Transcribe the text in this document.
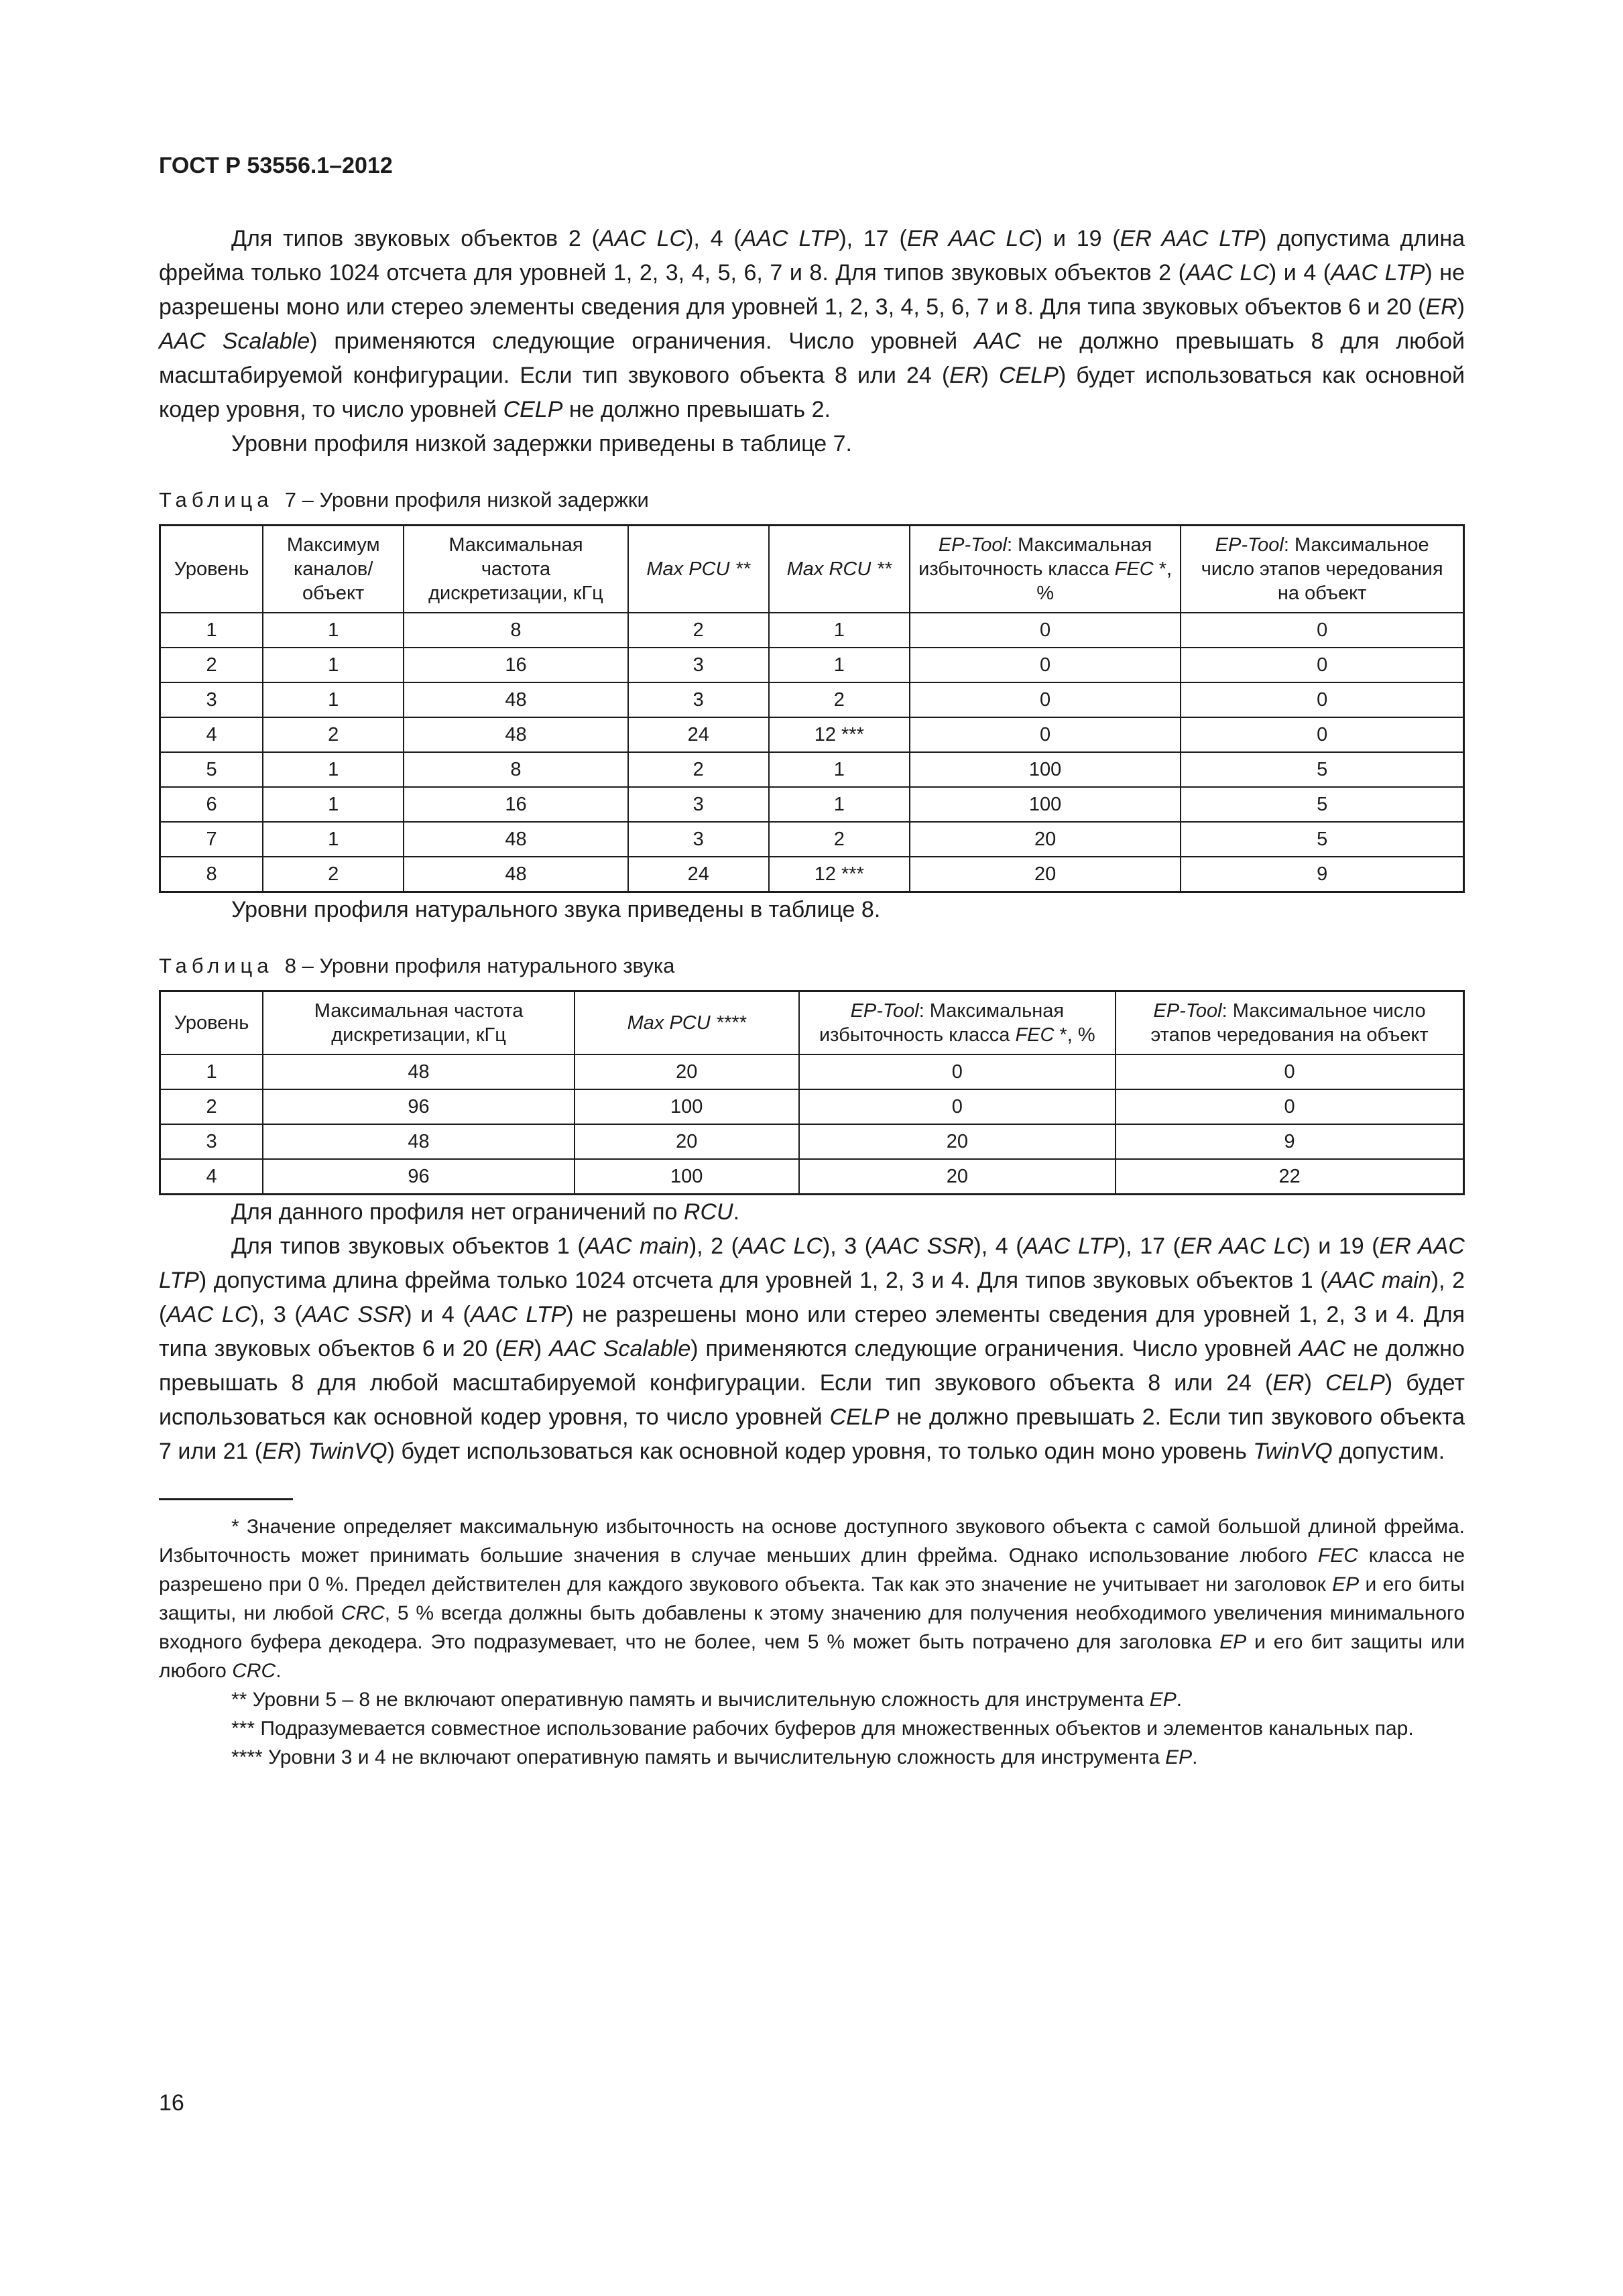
ГОСТ Р 53556.1–2012

Для типов звуковых объектов 2 (AAC LC), 4 (AAC LTP), 17 (ER AAC LC) и 19 (ER AAC LTP) допустима длина фрейма только 1024 отсчета для уровней 1, 2, 3, 4, 5, 6, 7 и 8. Для типов звуковых объектов 2 (AAC LC) и 4 (AAC LTP) не разрешены моно или стерео элементы сведения для уровней 1, 2, 3, 4, 5, 6, 7 и 8. Для типа звуковых объектов 6 и 20 (ER) AAC Scalable) применяются следующие ограничения. Число уровней AAC не должно превышать 8 для любой масштабируемой конфигурации. Если тип звукового объекта 8 или 24 (ER) CELP) будет использоваться как основной кодер уровня, то число уровней CELP не должно превышать 2.

Уровни профиля низкой задержки приведены в таблице 7.

Таблица 7 – Уровни профиля низкой задержки

Уровень	Максимум каналов/ объект	Максимальная частота дискретизации, кГц	Max PCU **	Max RCU **	EP-Tool: Максимальная избыточность класса FEC *, %	EP-Tool: Максимальное число этапов чередования на объект
1	1	8	2	1	0	0
2	1	16	3	1	0	0
3	1	48	3	2	0	0
4	2	48	24	12 ***	0	0
5	1	8	2	1	100	5
6	1	16	3	1	100	5
7	1	48	3	2	20	5
8	2	48	24	12 ***	20	9

Уровни профиля натурального звука приведены в таблице 8.

Таблица 8 – Уровни профиля натурального звука

Уровень	Максимальная частота дискретизации, кГц	Max PCU ****	EP-Tool: Максимальная избыточность класса FEC *, %	EP-Tool: Максимальное число этапов чередования на объект
1	48	20	0	0
2	96	100	0	0
3	48	20	20	9
4	96	100	20	22

Для данного профиля нет ограничений по RCU.

Для типов звуковых объектов 1 (AAC main), 2 (AAC LC), 3 (AAC SSR), 4 (AAC LTP), 17 (ER AAC LC) и 19 (ER AAC LTP) допустима длина фрейма только 1024 отсчета для уровней 1, 2, 3 и 4. Для типов звуковых объектов 1 (AAC main), 2 (AAC LC), 3 (AAC SSR) и 4 (AAC LTP) не разрешены моно или стерео элементы сведения для уровней 1, 2, 3 и 4. Для типа звуковых объектов 6 и 20 (ER) AAC Scalable) применяются следующие ограничения. Число уровней AAC не должно превышать 8 для любой масштабируемой конфигурации. Если тип звукового объекта 8 или 24 (ER) CELP) будет использоваться как основной кодер уровня, то число уровней CELP не должно превышать 2. Если тип звукового объекта 7 или 21 (ER) TwinVQ) будет использоваться как основной кодер уровня, то только один моно уровень TwinVQ допустим.

* Значение определяет максимальную избыточность на основе доступного звукового объекта с самой большой длиной фрейма. Избыточность может принимать большие значения в случае меньших длин фрейма. Однако использование любого FEC класса не разрешено при 0 %. Предел действителен для каждого звукового объекта. Так как это значение не учитывает ни заголовок EP и его биты защиты, ни любой CRC, 5 % всегда должны быть добавлены к этому значению для получения необходимого увеличения минимального входного буфера декодера. Это подразумевает, что не более, чем 5 % может быть потрачено для заголовка EP и его бит защиты или любого CRC.

** Уровни 5 – 8 не включают оперативную память и вычислительную сложность для инструмента EP.

*** Подразумевается совместное использование рабочих буферов для множественных объектов и элементов канальных пар.

**** Уровни 3 и 4 не включают оперативную память и вычислительную сложность для инструмента EP.

16
